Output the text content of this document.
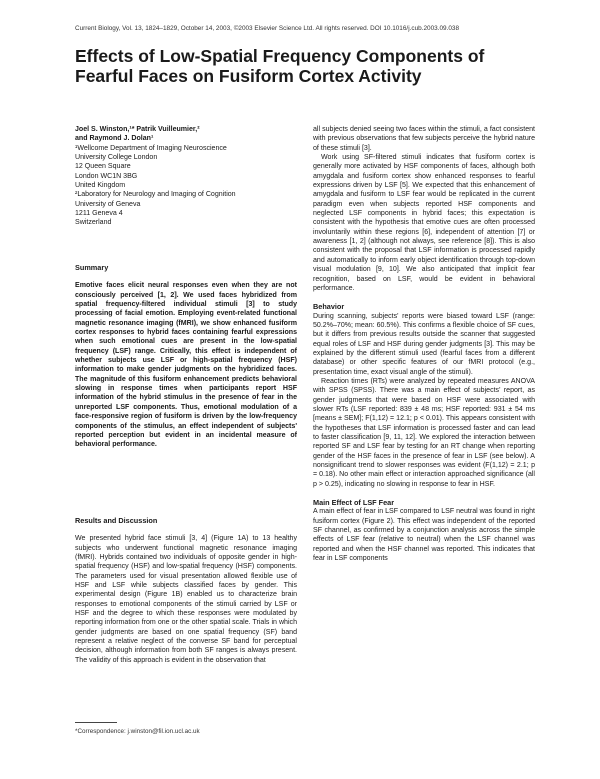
Current Biology, Vol. 13, 1824–1829, October 14, 2003, ©2003 Elsevier Science Ltd. All rights reserved. DOI 10.1016/j.cub.2003.09.038
Effects of Low-Spatial Frequency Components of Fearful Faces on Fusiform Cortex Activity
Joel S. Winston,¹* Patrik Vuilleumier,²
and Raymond J. Dolan¹
¹Wellcome Department of Imaging Neuroscience
University College London
12 Queen Square
London WC1N 3BG
United Kingdom
²Laboratory for Neurology and Imaging of Cognition
University of Geneva
1211 Geneva 4
Switzerland
Summary

Emotive faces elicit neural responses even when they are not consciously perceived [1, 2]. We used faces hybridized from spatial frequency-filtered individual stimuli [3] to study processing of facial emotion. Employing event-related functional magnetic resonance imaging (fMRI), we show enhanced fusiform cortex responses to hybrid faces containing fearful expressions when such emotional cues are present in the low-spatial frequency (LSF) range. Critically, this effect is independent of whether subjects use LSF or high-spatial frequency (HSF) information to make gender judgments on the hybridized faces. The magnitude of this fusiform enhancement predicts behavioral slowing in response times when participants report HSF information of the hybrid stimulus in the presence of fear in the unreported LSF components. Thus, emotional modulation of a face-responsive region of fusiform is driven by the low-frequency components of the stimulus, an effect independent of subjects' reported perception but evident in an incidental measure of behavioral performance.

Results and Discussion

We presented hybrid face stimuli [3, 4] (Figure 1A) to 13 healthy subjects who underwent functional magnetic resonance imaging (fMRI). Hybrids contained two individuals of opposite gender in high-spatial frequency (HSF) and low-spatial frequency (HSF) components. The parameters used for visual presentation allowed flexible use of HSF and LSF while subjects classified faces by gender. This experimental design (Figure 1B) enabled us to characterize brain responses to emotional components of the stimuli carried by LSF or HSF and the degree to which these responses were modulated by reporting information from one or the other spatial scale. Trials in which gender judgments are based on one spatial frequency (SF) band represent a relative neglect of the converse SF band for perceptual decision, although information from both SF ranges is always present. The validity of this approach is evident in the observation that

all subjects denied seeing two faces within the stimuli, a fact consistent with previous observations that few subjects perceive the hybrid nature of these stimuli [3].

Work using SF-filtered stimuli indicates that fusiform cortex is generally more activated by HSF components of faces, although both amygdala and fusiform cortex show enhanced responses to fearful expressions driven by LSF [5]. We expected that this enhancement of amygdala and fusiform to LSF fear would be replicated in the current paradigm even when subjects reported HSF components and neglected LSF components in hybrid faces; this expectation is consistent with the hypothesis that emotive cues are often processed involuntarily within these regions [6], independent of attention [7] or awareness [1, 2] (although not always, see reference [8]). This is also consistent with the proposal that LSF information is processed rapidly and automatically to inform early object identification through top-down visual modulation [9, 10]. We also anticipated that implicit fear recognition, based on LSF, would be evident in behavioral performance.

Behavior

During scanning, subjects' reports were biased toward LSF (range: 50.2%–70%; mean: 60.5%). This confirms a flexible choice of SF cues, but it differs from previous results outside the scanner that suggested equal roles of LSF and HSF during gender judgments [3]. This may be explained by the different stimuli used (fearful faces from a different database) or other specific features of our fMRI protocol (e.g., presentation time, exact visual angle of the stimuli).

Reaction times (RTs) were analyzed by repeated measures ANOVA with SPSS (SPSS). There was a main effect of subjects' report, as gender judgments that were based on HSF were associated with slower RTs (LSF reported: 839 ± 48 ms; HSF reported: 931 ± 54 ms [means ± SEM]; F(1,12) = 12.1; p < 0.01). This appears consistent with the hypotheses that LSF information is processed faster and can lead to faster classification [9, 11, 12]. We explored the interaction between reported SF and LSF fear by testing for an RT change when reporting gender of the HSF faces in the presence of fear in LSF (see below). A nonsignificant trend to slower responses was evident (F(1,12) = 2.1; p = 0.18). No other main effect or interaction approached significance (all p > 0.25), indicating no slowing in response to fear in HSF.

Main Effect of LSF Fear

A main effect of fear in LSF compared to LSF neutral was found in right fusiform cortex (Figure 2). This effect was independent of the reported SF channel, as confirmed by a conjunction analysis across the simple effects of LSF fear (relative to neutral) when the LSF channel was reported and when the HSF channel was reported. This indicates that fear in LSF components

*Correspondence: j.winston@fil.ion.ucl.ac.uk
